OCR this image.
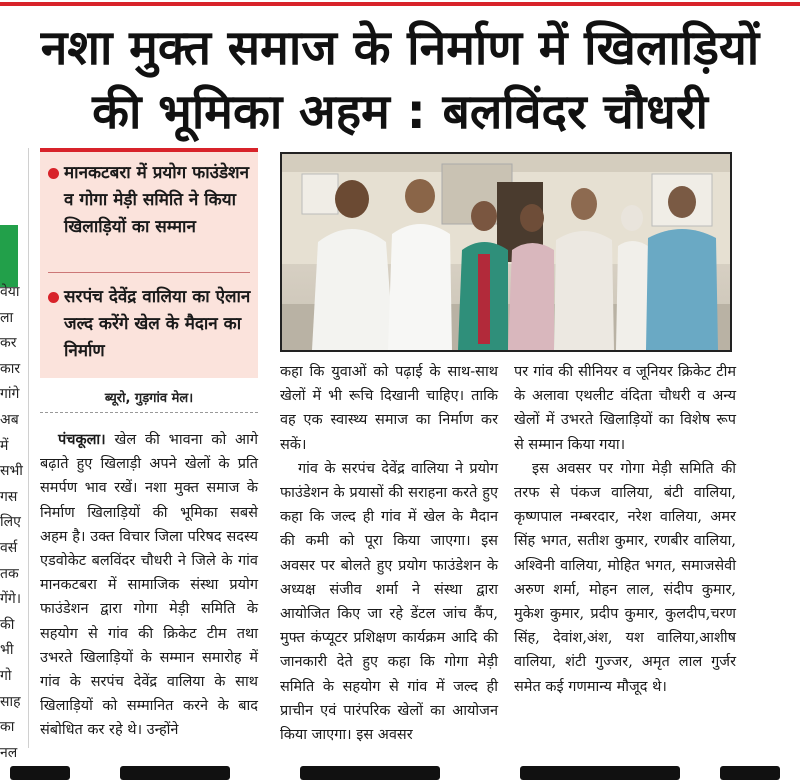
नशा मुक्त समाज के निर्माण में खिलाड़ियों
की भूमिका अहम : बलविंदर चौधरी
वेया
ला
कर
कार
गांगे
अब
में
सभी
गस
लिए
वर्स
तक
गेंगे।
की
भी
गो
साह
का
नल
मानकटबरा में प्रयोग फाउंडेशन व गोगा मेड़ी समिति ने किया खिलाड़ियों का सम्मान
सरपंच देवेंद्र वालिया का ऐलान जल्द करेंगे खेल के मैदान का निर्माण
ब्यूरो, गुड़गांव मेल।

पंचकूला। खेल की भावना को आगे बढ़ाते हुए खिलाड़ी अपने खेलों के प्रति समर्पण भाव रखें। नशा मुक्त समाज के निर्माण खिलाड़ियों की भूमिका सबसे अहम है। उक्त विचार जिला परिषद सदस्य एडवोकेट बलविंदर चौधरी ने जिले के गांव मानकटबरा में सामाजिक संस्था प्रयोग फाउंडेशन द्वारा गोगा मेड़ी समिति के सहयोग से गांव की क्रिकेट टीम तथा उभरते खिलाड़ियों के सम्मान समारोह में गांव के सरपंच देवेंद्र वालिया के साथ खिलाड़ियों को सम्मानित करने के बाद संबोधित कर रहे थे। उन्होंने

कहा कि युवाओं को पढ़ाई के साथ-साथ खेलों में भी रूचि दिखानी चाहिए। ताकि वह एक स्वास्थ्य समाज का निर्माण कर सकें।

गांव के सरपंच देवेंद्र वालिया ने प्रयोग फाउंडेशन के प्रयासों की सराहना करते हुए कहा कि जल्द ही गांव में खेल के मैदान की कमी को पूरा किया जाएगा। इस अवसर पर बोलते हुए प्रयोग फाउंडेशन के अध्यक्ष संजीव शर्मा ने संस्था द्वारा आयोजित किए जा रहे डेंटल जांच कैंप, मुफ्त कंप्यूटर प्रशिक्षण कार्यक्रम आदि की जानकारी देते हुए कहा कि गोगा मेड़ी समिति के सहयोग से गांव में जल्द ही प्राचीन एवं पारंपरिक खेलों का आयोजन किया जाएगा। इस अवसर

पर गांव की सीनियर व जूनियर क्रिकेट टीम के अलावा एथलीट वंदिता चौधरी व अन्य खेलों में उभरते खिलाड़ियों का विशेष रूप से सम्मान किया गया।

इस अवसर पर गोगा मेड़ी समिति की तरफ से पंकज वालिया, बंटी वालिया, कृष्णपाल नम्बरदार, नरेश वालिया, अमर सिंह भगत, सतीश कुमार, रणबीर वालिया, अश्विनी वालिया, मोहित भगत, समाजसेवी अरुण शर्मा, मोहन लाल, संदीप कुमार, मुकेश कुमार, प्रदीप कुमार, कुलदीप,चरण सिंह, देवांश,अंश, यश वालिया,आशीष वालिया, शंटी गुज्जर, अमृत लाल गुर्जर समेत कई गणमान्य मौजूद थे।
